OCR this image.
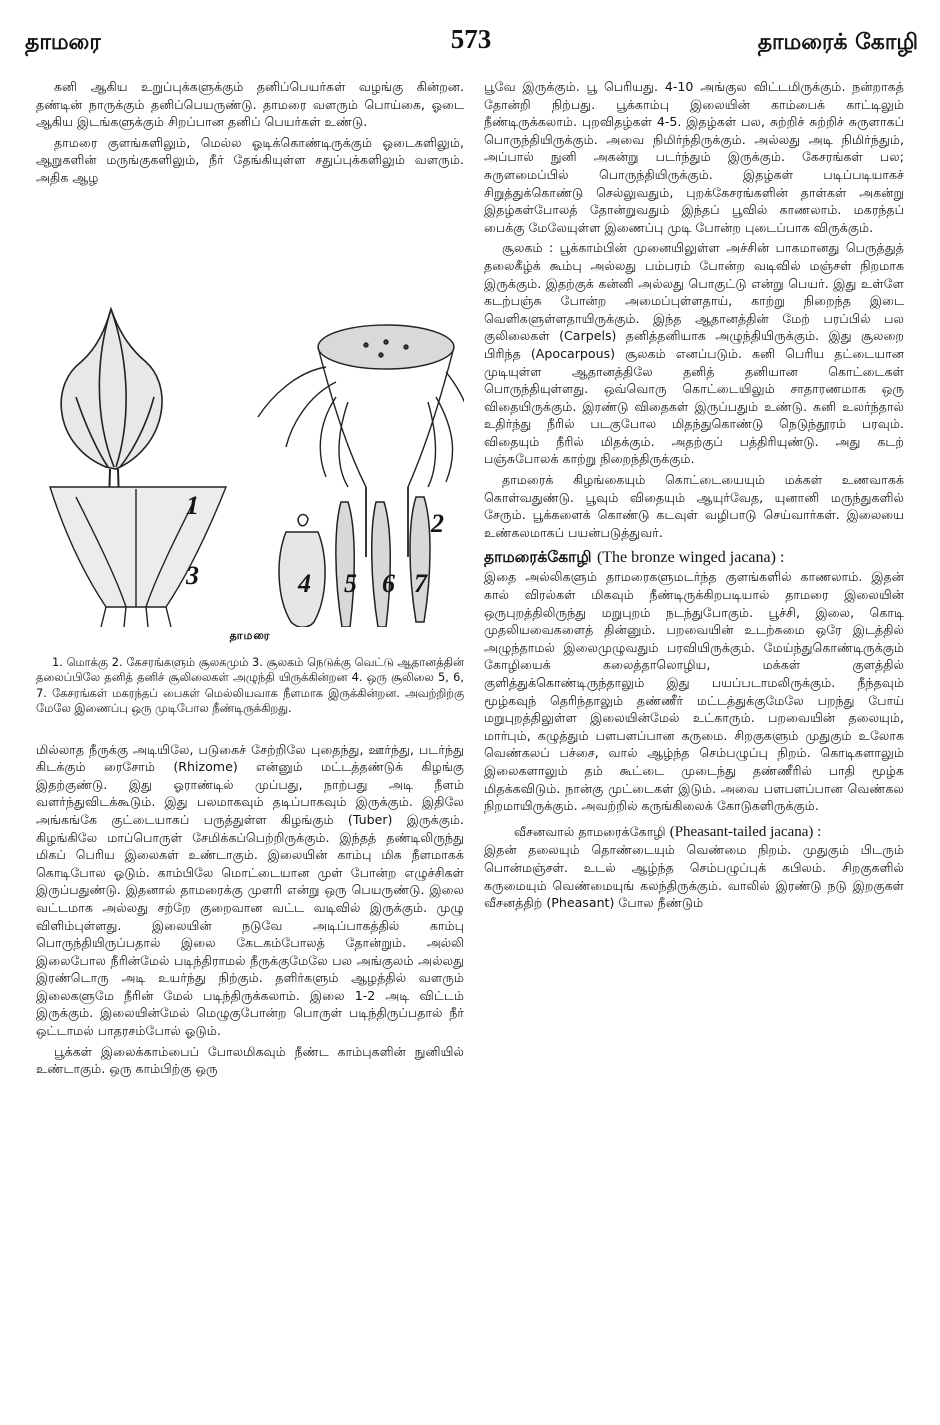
தாமரை	573	தாமரைக் கோழி

கனி ஆகிய உறுப்புக்களுக்கும் தனிப்பெயர்கள் வழங்கு கின்றன. தண்டின் நாருக்கும் தனிப்பெயருண்டு. தாமரை வளரும் பொய்கை, ஓடை ஆகிய இடங்களுக்கும் சிறப்பான தனிப் பெயர்கள் உண்டு.

தாமரை குளங்களிலும், மெல்ல ஓடிக்கொண்டிருக்கும் ஓடைகளிலும், ஆறுகளின் மருங்குகளிலும், நீர் தேங்கியுள்ள சதுப்புக்களிலும் வளரும். அதிக ஆழ

1
2
3	4 5 6 7
தாமரை
1. மொக்கு 2. கேசரங்களும் சூலகமும் 3. சூலகம் நெடுக்கு வெட்டு ஆதானத்தின் தலைப்பிலே தனித் தனிச் சூலிலைகள் அழுந்தி யிருக்கின்றன 4. ஒரு சூலிலை 5, 6, 7. கேசரங்கள் மகரந்தப் பைகள் மெல்லியவாக நீளமாக இருக்கின்றன. அவற்றிற்கு மேலே இணைப்பு ஒரு முடிபோல நீண்டிருக்கிறது.

மில்லாத நீருக்கு அடியிலே, படுகைச் சேற்றிலே புதைந்து, ஊர்ந்து, படர்ந்து கிடக்கும் ரைசோம் (Rhizome) என்னும் மட்டத்தண்டுக் கிழங்கு இதற்குண்டு. இது ஓராண்டில் முப்பது, நாற்பது அடி நீளம் வளர்ந்துவிடக்கூடும். இது பலமாகவும் தடிப்பாகவும் இருக்கும். இதிலே அங்கங்கே குட்டையாகப் பருத்துள்ள கிழங்கும் (Tuber) இருக்கும். கிழங்கிலே மாப்பொருள் சேமிக்கப்பெற்றிருக்கும். இந்தத் தண்டிலிருந்து மிகப் பெரிய இலைகள் உண்டாகும். இலையின் காம்பு மிக நீளமாகக் கொடிபோல ஓடும். காம்பிலே மொட்டையான முள் போன்ற எழுச்சிகள் இருப்பதுண்டு. இதனால் தாமரைக்கு முளரி என்று ஒரு பெயருண்டு. இலை வட்டமாக அல்லது சற்றே குறைவான வட்ட வடிவில் இருக்கும். முழு விளிம்புள்ளது. இலையின் நடுவே அடிப்பாகத்தில் காம்பு பொருந்தியிருப்பதால் இலை கேடகம்போலத் தோன்றும். அல்லி இலைபோல நீரின்மேல் படிந்திராமல் நீருக்குமேலே பல அங்குலம் அல்லது இரண்டொரு அடி உயர்ந்து நிற்கும். தளிர்களும் ஆழத்தில் வளரும் இலைகளுமே நீரின் மேல் படிந்திருக்கலாம். இலை 1-2 அடி விட்டம் இருக்கும். இலையின்மேல் மெழுகுபோன்ற பொருள் படிந்திருப்பதால் நீர் ஒட்டாமல் பாதரசம்போல் ஓடும்.

பூக்கள் இலைக்காம்பைப் போலமிகவும் நீண்ட காம்புகளின் நுனியில் உண்டாகும். ஒரு காம்பிற்கு ஒரு

பூவே இருக்கும். பூ பெரியது. 4-10 அங்குல விட்டமிருக்கும். நன்றாகத் தோன்றி நிற்பது. பூக்காம்பு இலையின் காம்பைக் காட்டிலும் நீண்டிருக்கலாம். புறவிதழ்கள் 4-5. இதழ்கள் பல, சுற்றிச் சுற்றிச் சுருளாகப் பொருந்தியிருக்கும். அவை நிமிர்ந்திருக்கும். அல்லது அடி நிமிர்ந்தும், அப்பால் நுனி அகன்று படர்ந்தும் இருக்கும். கேசரங்கள் பல; சுருளமைப்பில் பொருந்தியிருக்கும். இதழ்கள் படிப்படியாகச் சிறுத்துக்கொண்டு செல்லுவதும், புறக்கேசரங்களின் தாள்கள் அகன்று இதழ்கள்போலத் தோன்றுவதும் இந்தப் பூவில் காணலாம். மகரந்தப் பைக்கு மேலேயுள்ள இணைப்பு முடி போன்ற புடைப்பாக விருக்கும்.

சூலகம் : பூக்காம்பின் முனையிலுள்ள அச்சின் பாகமானது பெருத்துத் தலைகீழ்க் கூம்பு அல்லது பம்பரம் போன்ற வடிவில் மஞ்சள் நிறமாக இருக்கும். இதற்குக் கன்னி அல்லது பொகுட்டு என்று பெயர். இது உள்ளே கடற்பஞ்சு போன்ற அமைப்புள்ளதாய், காற்று நிறைந்த இடை வெளிகளுள்ளதாயிருக்கும். இந்த ஆதானத்தின் மேற் பரப்பில் பல குலிலைகள் (Carpels) தனித்தனியாக அழுந்தியிருக்கும். இது சூலறை பிரிந்த (Apocarpous) சூலகம் எனப்படும். கனி பெரிய தட்டையான முடியுள்ள ஆதானத்திலே தனித் தனியான கொட்டைகள் பொருந்தியுள்ளது. ஒவ்வொரு கொட்டையிலும் சாதாரணமாக ஒரு விதையிருக்கும். இரண்டு விதைகள் இருப்பதும் உண்டு. கனி உலர்ந்தால் உதிர்ந்து நீரில் படகுபோல மிதந்துகொண்டு நெடுந்தூரம் பரவும். விதையும் நீரில் மிதக்கும். அதற்குப் பத்திரியுண்டு. அது கடற் பஞ்சுபோலக் காற்று நிறைந்திருக்கும்.

தாமரைக் கிழங்கையும் கொட்டையையும் மக்கள் உணவாகக் கொள்வதுண்டு. பூவும் விதையும் ஆயுர்வேத, யுனானி மருந்துகளில் சேரும். பூக்களைக் கொண்டு கடவுள் வழிபாடு செய்வார்கள். இலையை உண்கலமாகப் பயன்படுத்துவர்.

தாமரைக்கோழி (The bronze winged jacana) :

இதை அல்லிகளும் தாமரைகளுமடர்ந்த குளங்களில் காணலாம். இதன் கால் விரல்கள் மிகவும் நீண்டிருக்கிறபடியால் தாமரை இலையின் ஒருபுறத்திலிருந்து மறுபுறம் நடந்துபோகும். பூச்சி, இலை, கொடி முதலியவைகளைத் தின்னும். பறவையின் உடற்சுமை ஒரே இடத்தில் அழுந்தாமல் இலைமுழுவதும் பரவியிருக்கும். மேய்ந்துகொண்டிருக்கும் கோழியைக் கலைத்தாலொழிய, மக்கள் குளத்தில் குளித்துக்கொண்டிருந்தாலும் இது பயப்படாமலிருக்கும். நீந்தவும் மூழ்கவுந் தெரிந்தாலும் தண்ணீர் மட்டத்துக்குமேலே பறந்து போய் மறுபுறத்திலுள்ள இலையின்மேல் உட்காரும். பறவையின் தலையும், மார்பும், கழுத்தும் பளபளப்பான கருமை. சிறகுகளும் முதுகும் உலோக வெண்கலப் பச்சை, வால் ஆழ்ந்த செம்பழுப்பு நிறம். கொடிகளாலும் இலைகளாலும் தம் கூட்டை முடைந்து தண்ணீரில் பாதி மூழ்க மிதக்கவிடும். நான்கு முட்டைகள் இடும். அவை பளபளப்பான வெண்கல நிறமாயிருக்கும். அவற்றில் கருங்கிலைக் கோடுகளிருக்கும்.

வீசனவால் தாமரைக்கோழி (Pheasant-tailed jacana) :

இதன் தலையும் தொண்டையும் வெண்மை நிறம். முதுகும் பிடரும் பொன்மஞ்சள். உடல் ஆழ்ந்த செம்பழுப்புக் கபிலம். சிறகுகளில் கருமையும் வெண்மையுங் கலந்திருக்கும். வாலில் இரண்டு நடு இறகுகள் வீசனத்திற் (Pheasant) போல நீண்டும்
